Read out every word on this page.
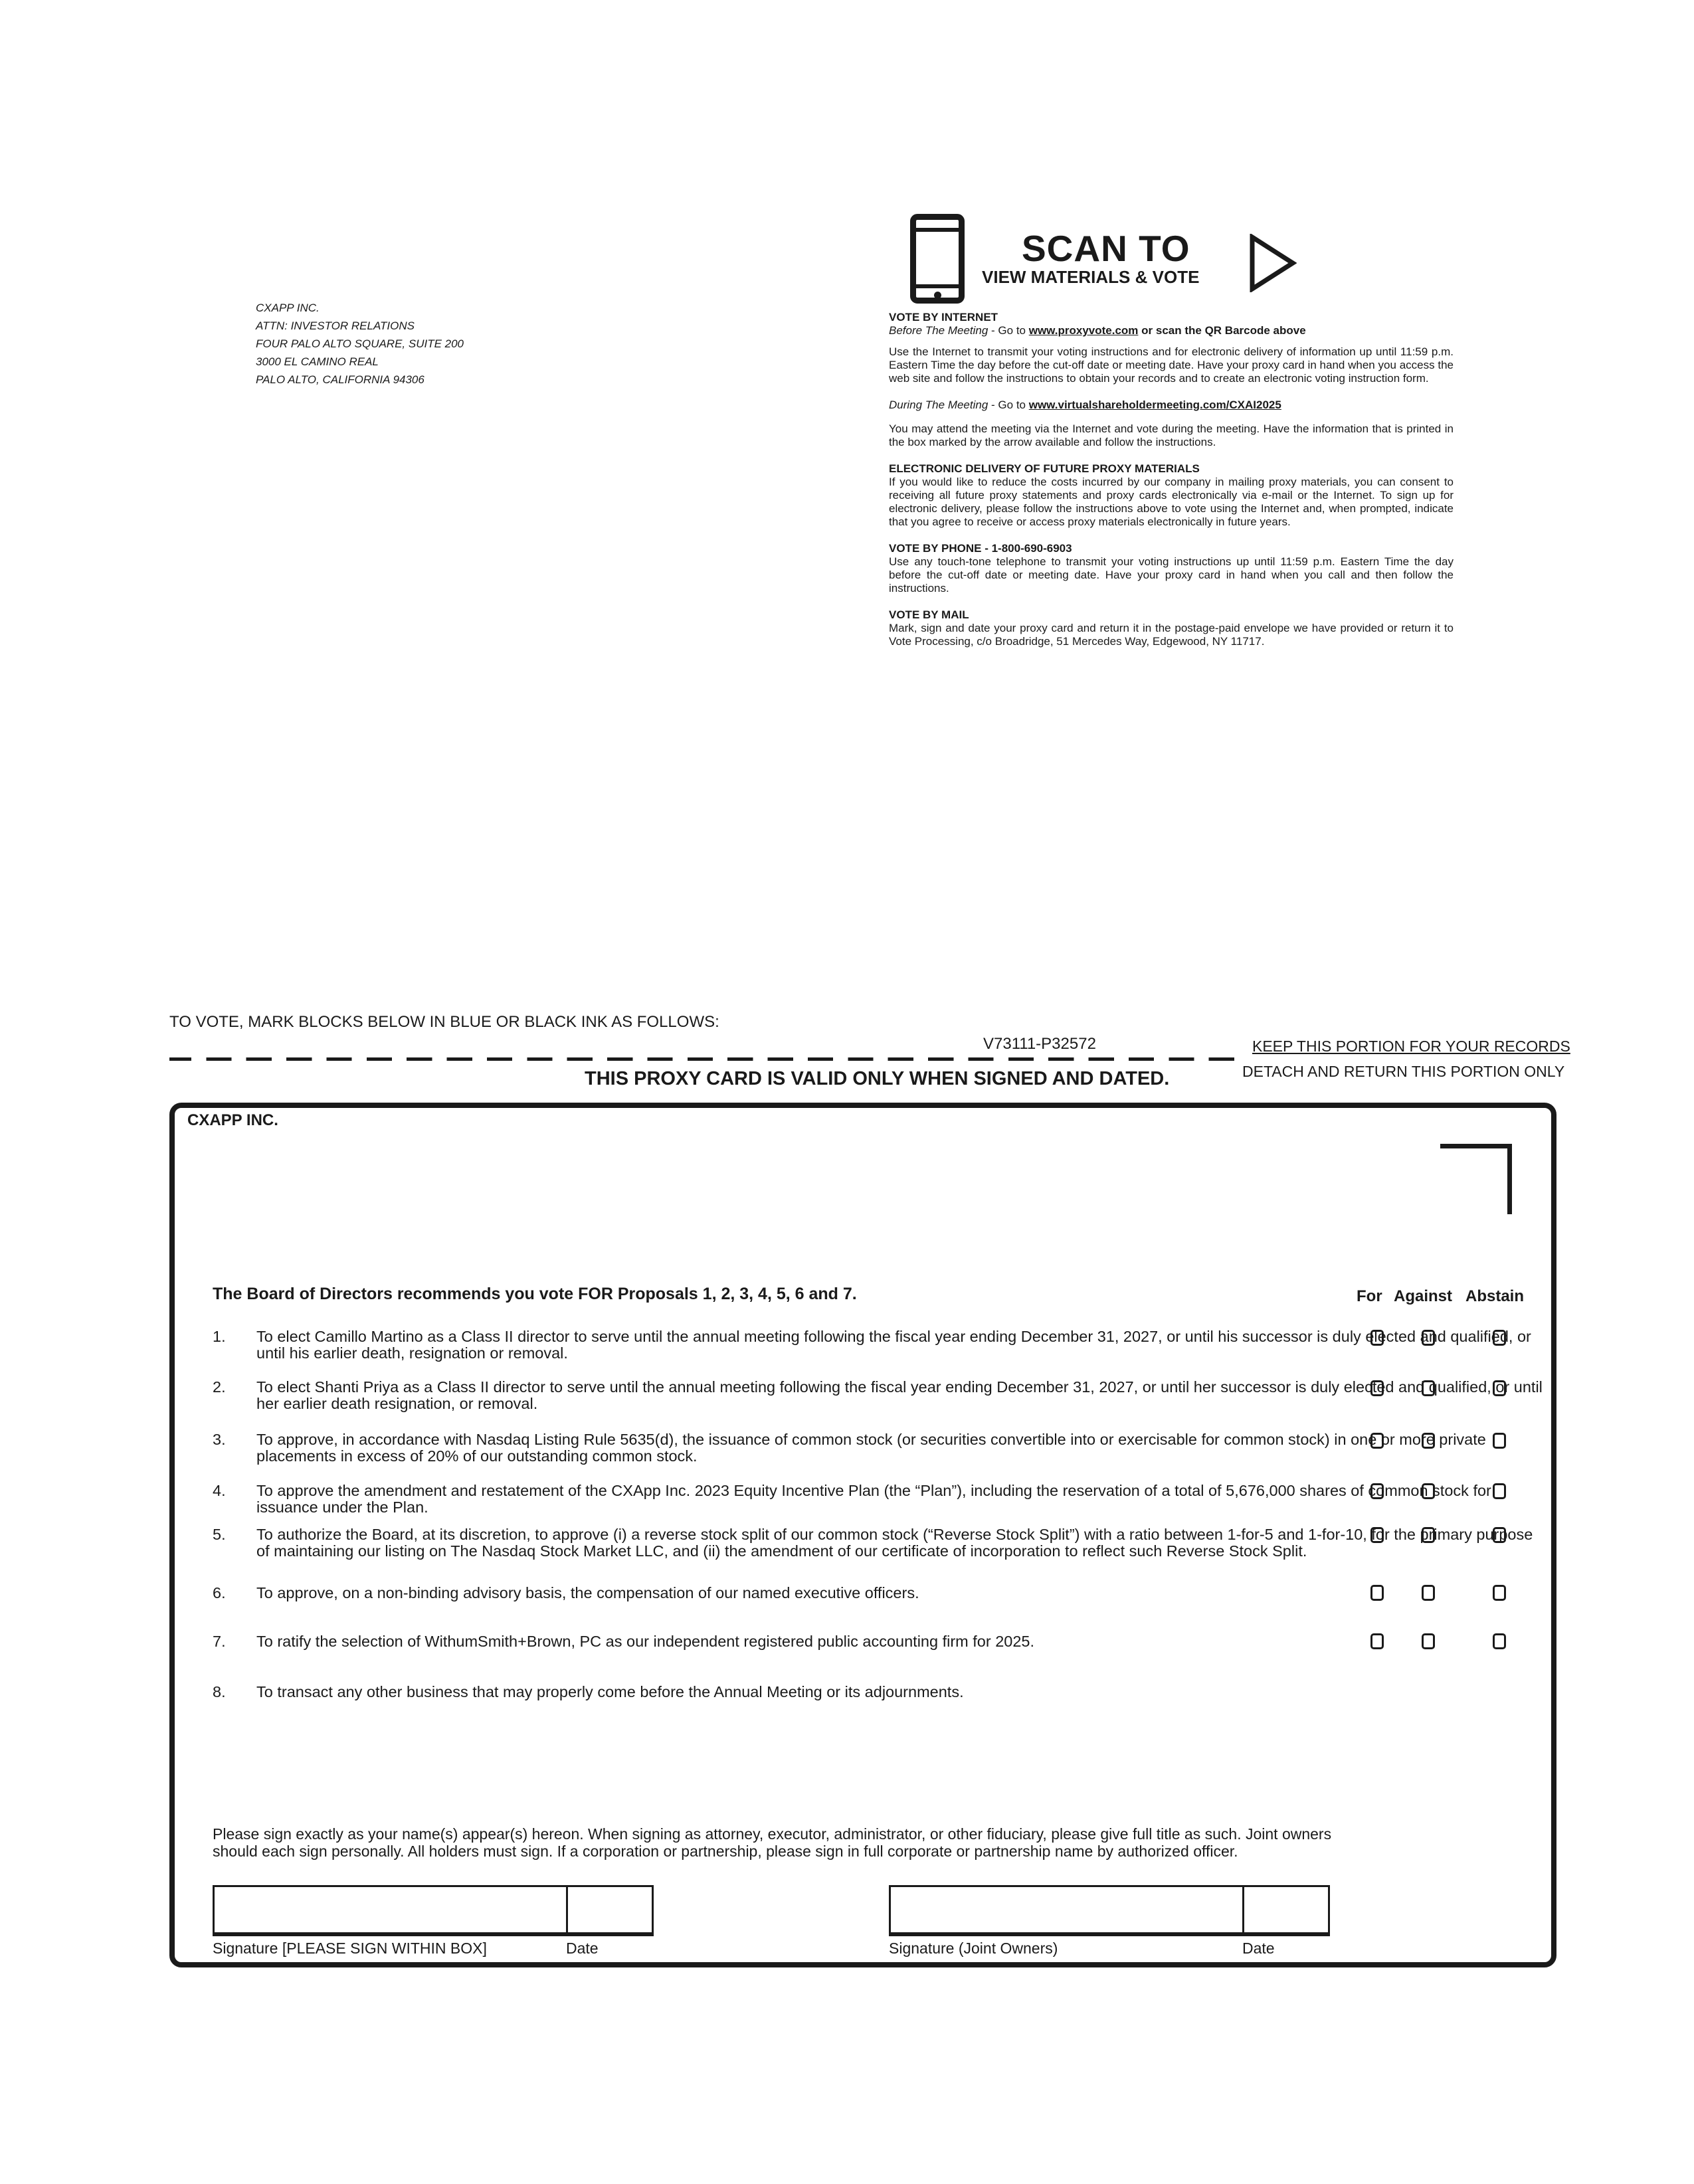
CXAPP INC.
ATTN: INVESTOR RELATIONS
FOUR PALO ALTO SQUARE, SUITE 200
3000 EL CAMINO REAL
PALO ALTO, CALIFORNIA 94306
SCAN TO
VIEW MATERIALS & VOTE
VOTE BY INTERNET
Before The Meeting - Go to www.proxyvote.com or scan the QR Barcode above

Use the Internet to transmit your voting instructions and for electronic delivery of information up until 11:59 p.m. Eastern Time the day before the cut-off date or meeting date. Have your proxy card in hand when you access the web site and follow the instructions to obtain your records and to create an electronic voting instruction form.

During The Meeting - Go to www.virtualshareholdermeeting.com/CXAI2025

You may attend the meeting via the Internet and vote during the meeting. Have the information that is printed in the box marked by the arrow available and follow the instructions.

ELECTRONIC DELIVERY OF FUTURE PROXY MATERIALS

If you would like to reduce the costs incurred by our company in mailing proxy materials, you can consent to receiving all future proxy statements and proxy cards electronically via e-mail or the Internet. To sign up for electronic delivery, please follow the instructions above to vote using the Internet and, when prompted, indicate that you agree to receive or access proxy materials electronically in future years.

VOTE BY PHONE - 1-800-690-6903

Use any touch-tone telephone to transmit your voting instructions up until 11:59 p.m. Eastern Time the day before the cut-off date or meeting date. Have your proxy card in hand when you call and then follow the instructions.

VOTE BY MAIL

Mark, sign and date your proxy card and return it in the postage-paid envelope we have provided or return it to Vote Processing, c/o Broadridge, 51 Mercedes Way, Edgewood, NY 11717.

TO VOTE, MARK BLOCKS BELOW IN BLUE OR BLACK INK AS FOLLOWS:
V73111-P32572	KEEP THIS PORTION FOR YOUR RECORDS
DETACH AND RETURN THIS PORTION ONLY
THIS PROXY CARD IS VALID ONLY WHEN SIGNED AND DATED.
CXAPP INC.
The Board of Directors recommends you vote FOR Proposals 1, 2, 3, 4, 5, 6 and 7.	For Against Abstain
1. To elect Camillo Martino as a Class II director to serve until the annual meeting following the fiscal year ending December 31, 2027, or until his successor is duly elected and qualified, or until his earlier death, resignation or removal.
2. To elect Shanti Priya as a Class II director to serve until the annual meeting following the fiscal year ending December 31, 2027, or until her successor is duly elected and qualified, or until her earlier death resignation, or removal.
3. To approve, in accordance with Nasdaq Listing Rule 5635(d), the issuance of common stock (or securities convertible into or exercisable for common stock) in one or more private placements in excess of 20% of our outstanding common stock.
4. To approve the amendment and restatement of the CXApp Inc. 2023 Equity Incentive Plan (the “Plan”), including the reservation of a total of 5,676,000 shares of common stock for issuance under the Plan.
5. To authorize the Board, at its discretion, to approve (i) a reverse stock split of our common stock (“Reverse Stock Split”) with a ratio between 1-for-5 and 1-for-10, for the primary purpose of maintaining our listing on The Nasdaq Stock Market LLC, and (ii) the amendment of our certificate of incorporation to reflect such Reverse Stock Split.
6. To approve, on a non-binding advisory basis, the compensation of our named executive officers.
7. To ratify the selection of WithumSmith+Brown, PC as our independent registered public accounting firm for 2025.
8. To transact any other business that may properly come before the Annual Meeting or its adjournments.
Please sign exactly as your name(s) appear(s) hereon. When signing as attorney, executor, administrator, or other fiduciary, please give full title as such. Joint owners should each sign personally. All holders must sign. If a corporation or partnership, please sign in full corporate or partnership name by authorized officer.
Signature [PLEASE SIGN WITHIN BOX]	Date	Signature (Joint Owners)	Date
